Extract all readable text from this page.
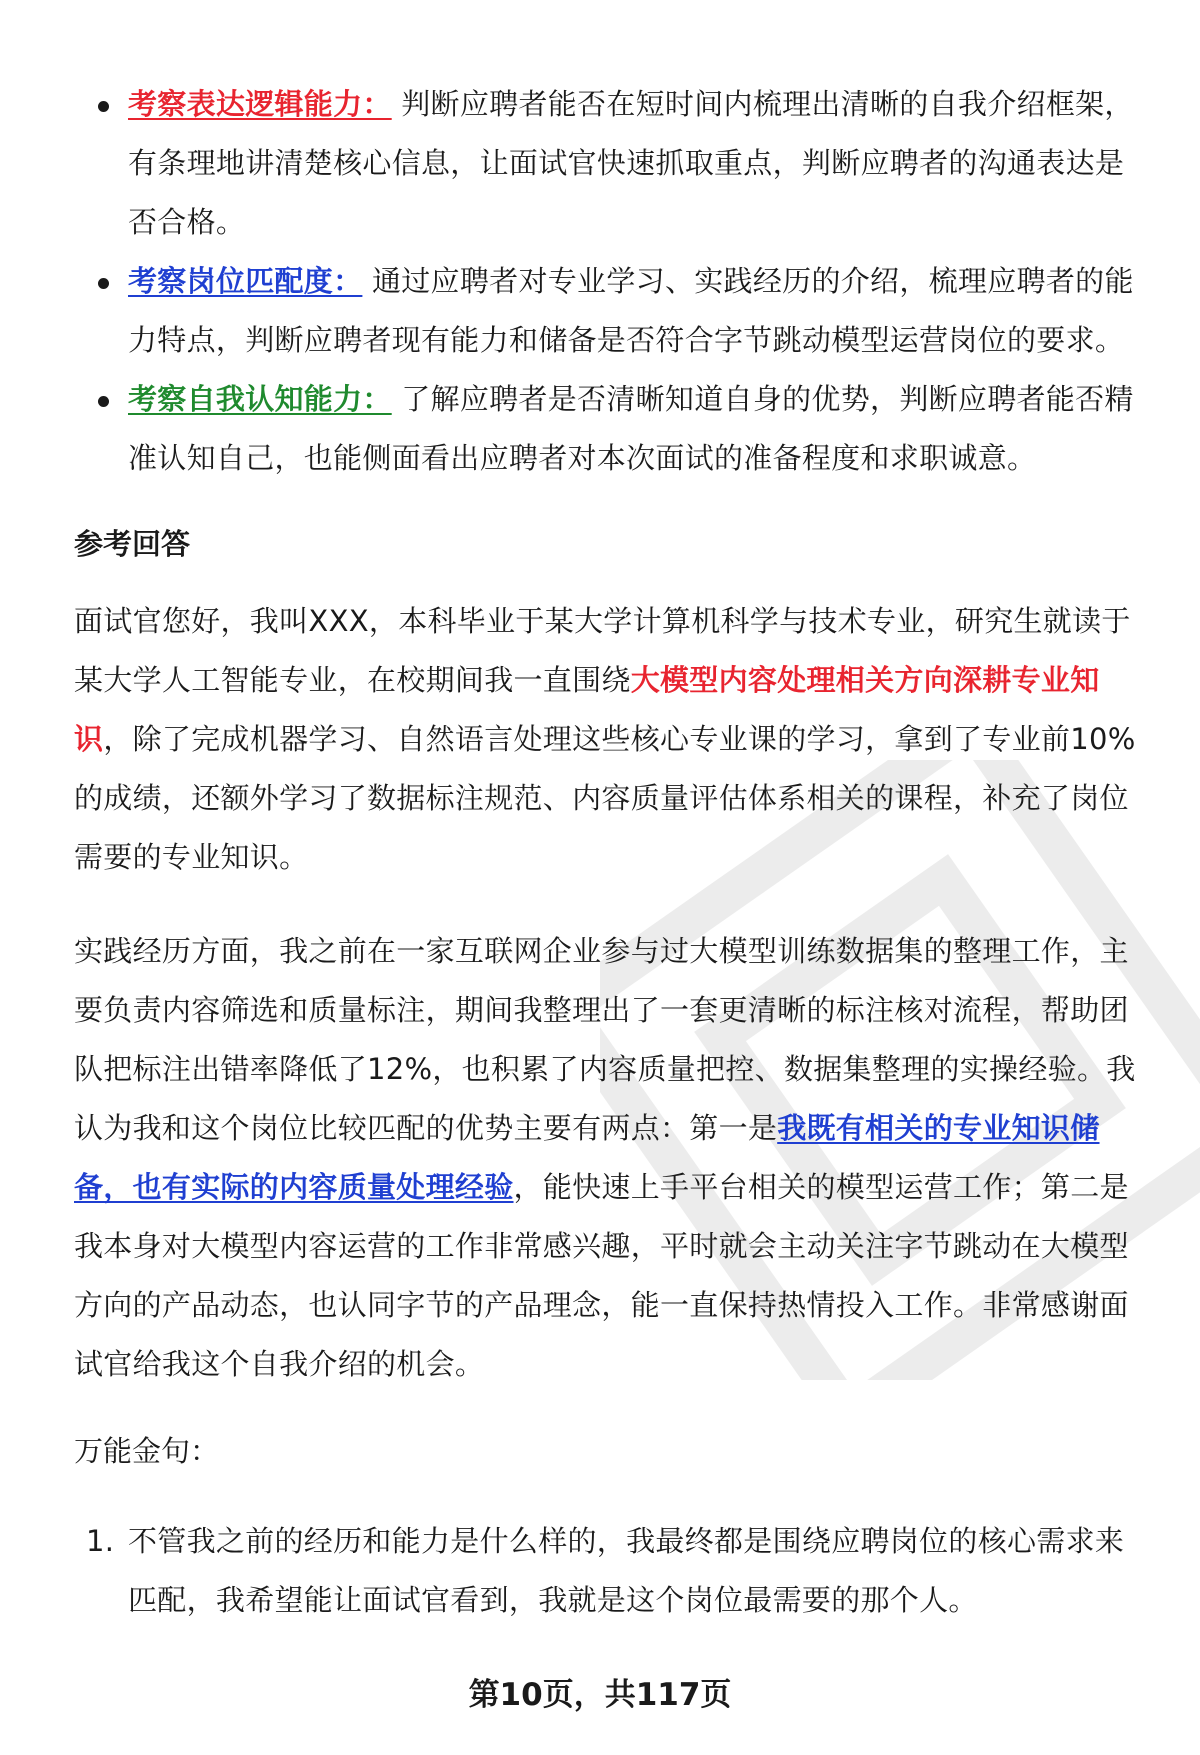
考察表达逻辑能力： 判断应聘者能否在短时间内梳理出清晰的自我介绍框架，有条理地讲清楚核心信息，让面试官快速抓取重点，判断应聘者的沟通表达是否合格。
考察岗位匹配度： 通过应聘者对专业学习、实践经历的介绍，梳理应聘者的能力特点，判断应聘者现有能力和储备是否符合字节跳动模型运营岗位的要求。
考察自我认知能力： 了解应聘者是否清晰知道自身的优势，判断应聘者能否精准认知自己，也能侧面看出应聘者对本次面试的准备程度和求职诚意。
参考回答

面试官您好，我叫XXX，本科毕业于某大学计算机科学与技术专业，研究生就读于某大学人工智能专业，在校期间我一直围绕大模型内容处理相关方向深耕专业知识，除了完成机器学习、自然语言处理这些核心专业课的学习，拿到了专业前10%的成绩，还额外学习了数据标注规范、内容质量评估体系相关的课程，补充了岗位需要的专业知识。

实践经历方面，我之前在一家互联网企业参与过大模型训练数据集的整理工作，主要负责内容筛选和质量标注，期间我整理出了一套更清晰的标注核对流程，帮助团队把标注出错率降低了12%，也积累了内容质量把控、数据集整理的实操经验。我认为我和这个岗位比较匹配的优势主要有两点：第一是我既有相关的专业知识储备，也有实际的内容质量处理经验，能快速上手平台相关的模型运营工作；第二是我本身对大模型内容运营的工作非常感兴趣，平时就会主动关注字节跳动在大模型方向的产品动态，也认同字节的产品理念，能一直保持热情投入工作。非常感谢面试官给我这个自我介绍的机会。

万能金句：
1. 不管我之前的经历和能力是什么样的，我最终都是围绕应聘岗位的核心需求来匹配，我希望能让面试官看到，我就是这个岗位最需要的那个人。
第10页，共117页
